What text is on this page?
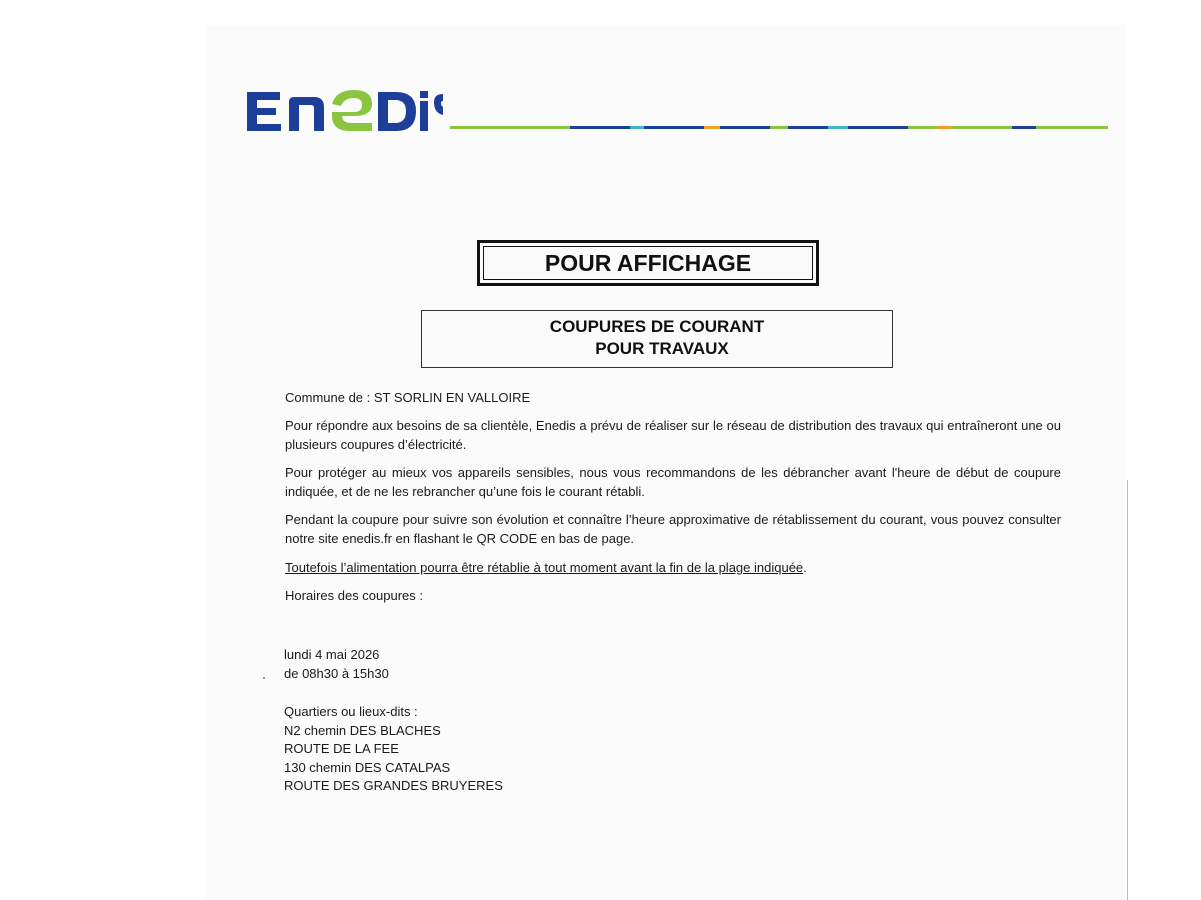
POUR AFFICHAGE
COUPURES DE COURANT
POUR TRAVAUX
Commune de : ST SORLIN EN VALLOIRE
Pour répondre aux besoins de sa clientèle, Enedis a prévu de réaliser sur le réseau de distribution des travaux qui entraîneront une ou plusieurs coupures d’électricité.
Pour protéger au mieux vos appareils sensibles, nous vous recommandons de les débrancher avant l'heure de début de coupure indiquée, et de ne les rebrancher qu’une fois le courant rétabli.
Pendant la coupure pour suivre son évolution et connaître l’heure approximative de rétablissement du courant, vous pouvez consulter notre site enedis.fr en flashant le QR CODE en bas de page.
Toutefois l’alimentation pourra être rétablie à tout moment avant la fin de la plage indiquée.
Horaires des coupures :
lundi 4 mai 2026
de 08h30 à 15h30
Quartiers ou lieux-dits :
N2 chemin DES BLACHES
ROUTE DE LA FEE
130 chemin DES CATALPAS
ROUTE DES GRANDES BRUYERES
